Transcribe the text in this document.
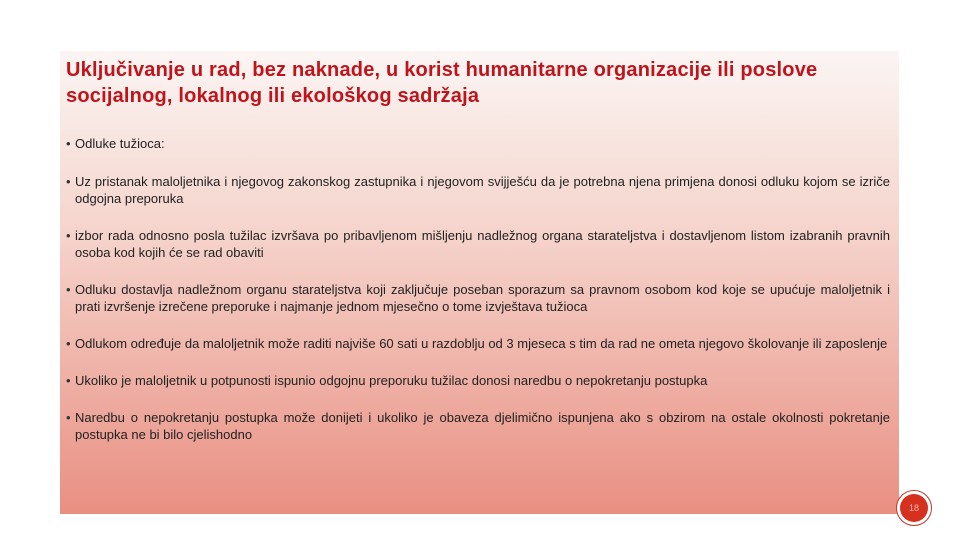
Uključivanje u rad, bez naknade, u korist humanitarne organizacije ili poslove socijalnog, lokalnog ili ekološkog sadržaja
• Odluke tužioca:
• Uz pristanak maloljetnika i njegovog zakonskog zastupnika i njegovom svijješću da je potrebna njena primjena donosi odluku kojom se izriče odgojna preporuka
• izbor rada odnosno posla tužilac izvršava po pribavljenom mišljenju nadležnog organa starateljstva i dostavljenom listom izabranih pravnih osoba kod kojih će se rad obaviti
• Odluku dostavlja nadležnom organu starateljstva koji zaključuje poseban sporazum sa pravnom osobom kod koje se upućuje maloljetnik i prati izvršenje izrečene preporuke i najmanje jednom mjesečno o tome izvještava tužioca
• Odlukom određuje da maloljetnik može raditi najviše 60 sati u razdoblju od 3 mjeseca s tim da rad ne ometa njegovo školovanje ili zaposlenje
• Ukoliko je maloljetnik u potpunosti ispunio odgojnu preporuku tužilac donosi naredbu o nepokretanju postupka
• Naredbu o nepokretanju postupka može donijeti i ukoliko je obaveza djelimično ispunjena ako s obzirom na ostale okolnosti pokretanje postupka ne bi bilo cjelishodno
18
